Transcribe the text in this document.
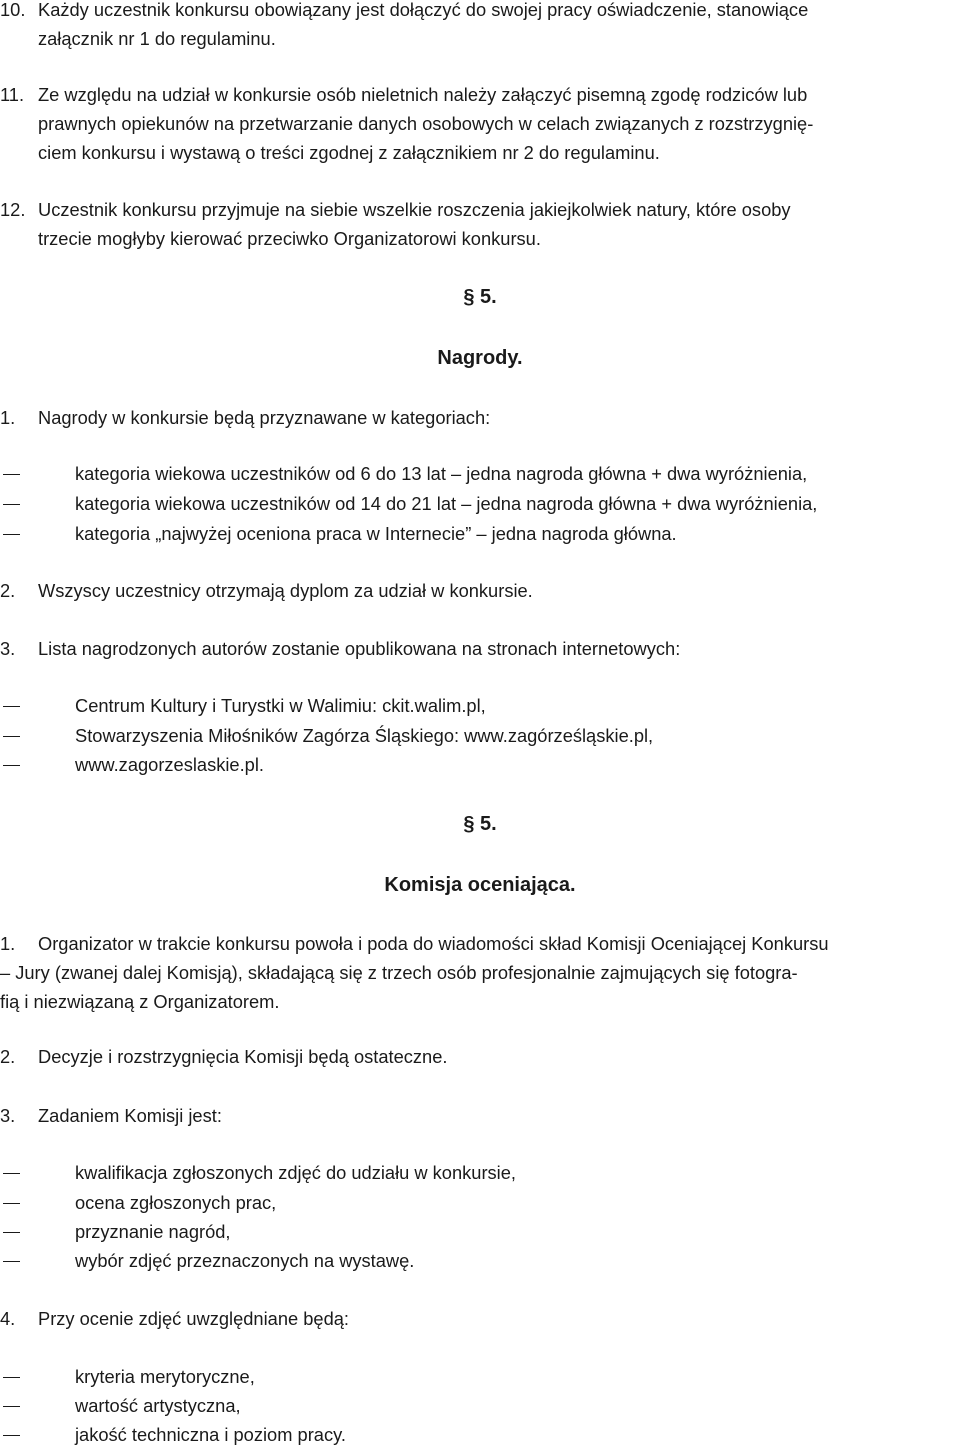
10. Każdy uczestnik konkursu obowiązany jest dołączyć do swojej pracy oświadczenie, stanowiące
załącznik nr 1 do regulaminu.
11. Ze względu na udział w konkursie osób nieletnich należy załączyć pisemną zgodę rodziców lub
prawnych opiekunów na przetwarzanie danych osobowych w celach związanych z rozstrzygnię-
ciem konkursu i wystawą o treści zgodnej z załącznikiem nr 2 do regulaminu.
12. Uczestnik konkursu przyjmuje na siebie wszelkie roszczenia jakiejkolwiek natury, które osoby
trzecie mogłyby kierować przeciwko Organizatorowi konkursu.
§ 5.
Nagrody.
1.	Nagrody w konkursie będą przyznawane w kategoriach:
kategoria wiekowa uczestników od 6 do 13 lat – jedna nagroda główna + dwa wyróżnienia,
kategoria wiekowa uczestników od 14 do 21 lat – jedna nagroda główna + dwa wyróżnienia,
kategoria „najwyżej oceniona praca w Internecie” – jedna nagroda główna.
2.	Wszyscy uczestnicy otrzymają dyplom za udział w konkursie.
3.	Lista nagrodzonych autorów zostanie opublikowana na stronach internetowych:
Centrum Kultury i Turystki w Walimiu: ckit.walim.pl,
Stowarzyszenia Miłośników Zagórza Śląskiego: www.zagórześląskie.pl,
www.zagorzeslaskie.pl.
§ 5.
Komisja oceniająca.
1.	Organizator w trakcie konkursu powoła i poda do wiadomości skład Komisji Oceniającej Konkursu
– Jury (zwanej dalej Komisją), składającą się z trzech osób profesjonalnie zajmujących się fotogra-
fią i niezwiązaną z Organizatorem.
2.	Decyzje i rozstrzygnięcia Komisji będą ostateczne.
3.	Zadaniem Komisji jest:
kwalifikacja zgłoszonych zdjęć do udziału w konkursie,
ocena zgłoszonych prac,
przyznanie nagród,
wybór zdjęć przeznaczonych na wystawę.
4.	Przy ocenie zdjęć uwzględniane będą:
kryteria merytoryczne,
wartość artystyczna,
jakość techniczna i poziom pracy.
